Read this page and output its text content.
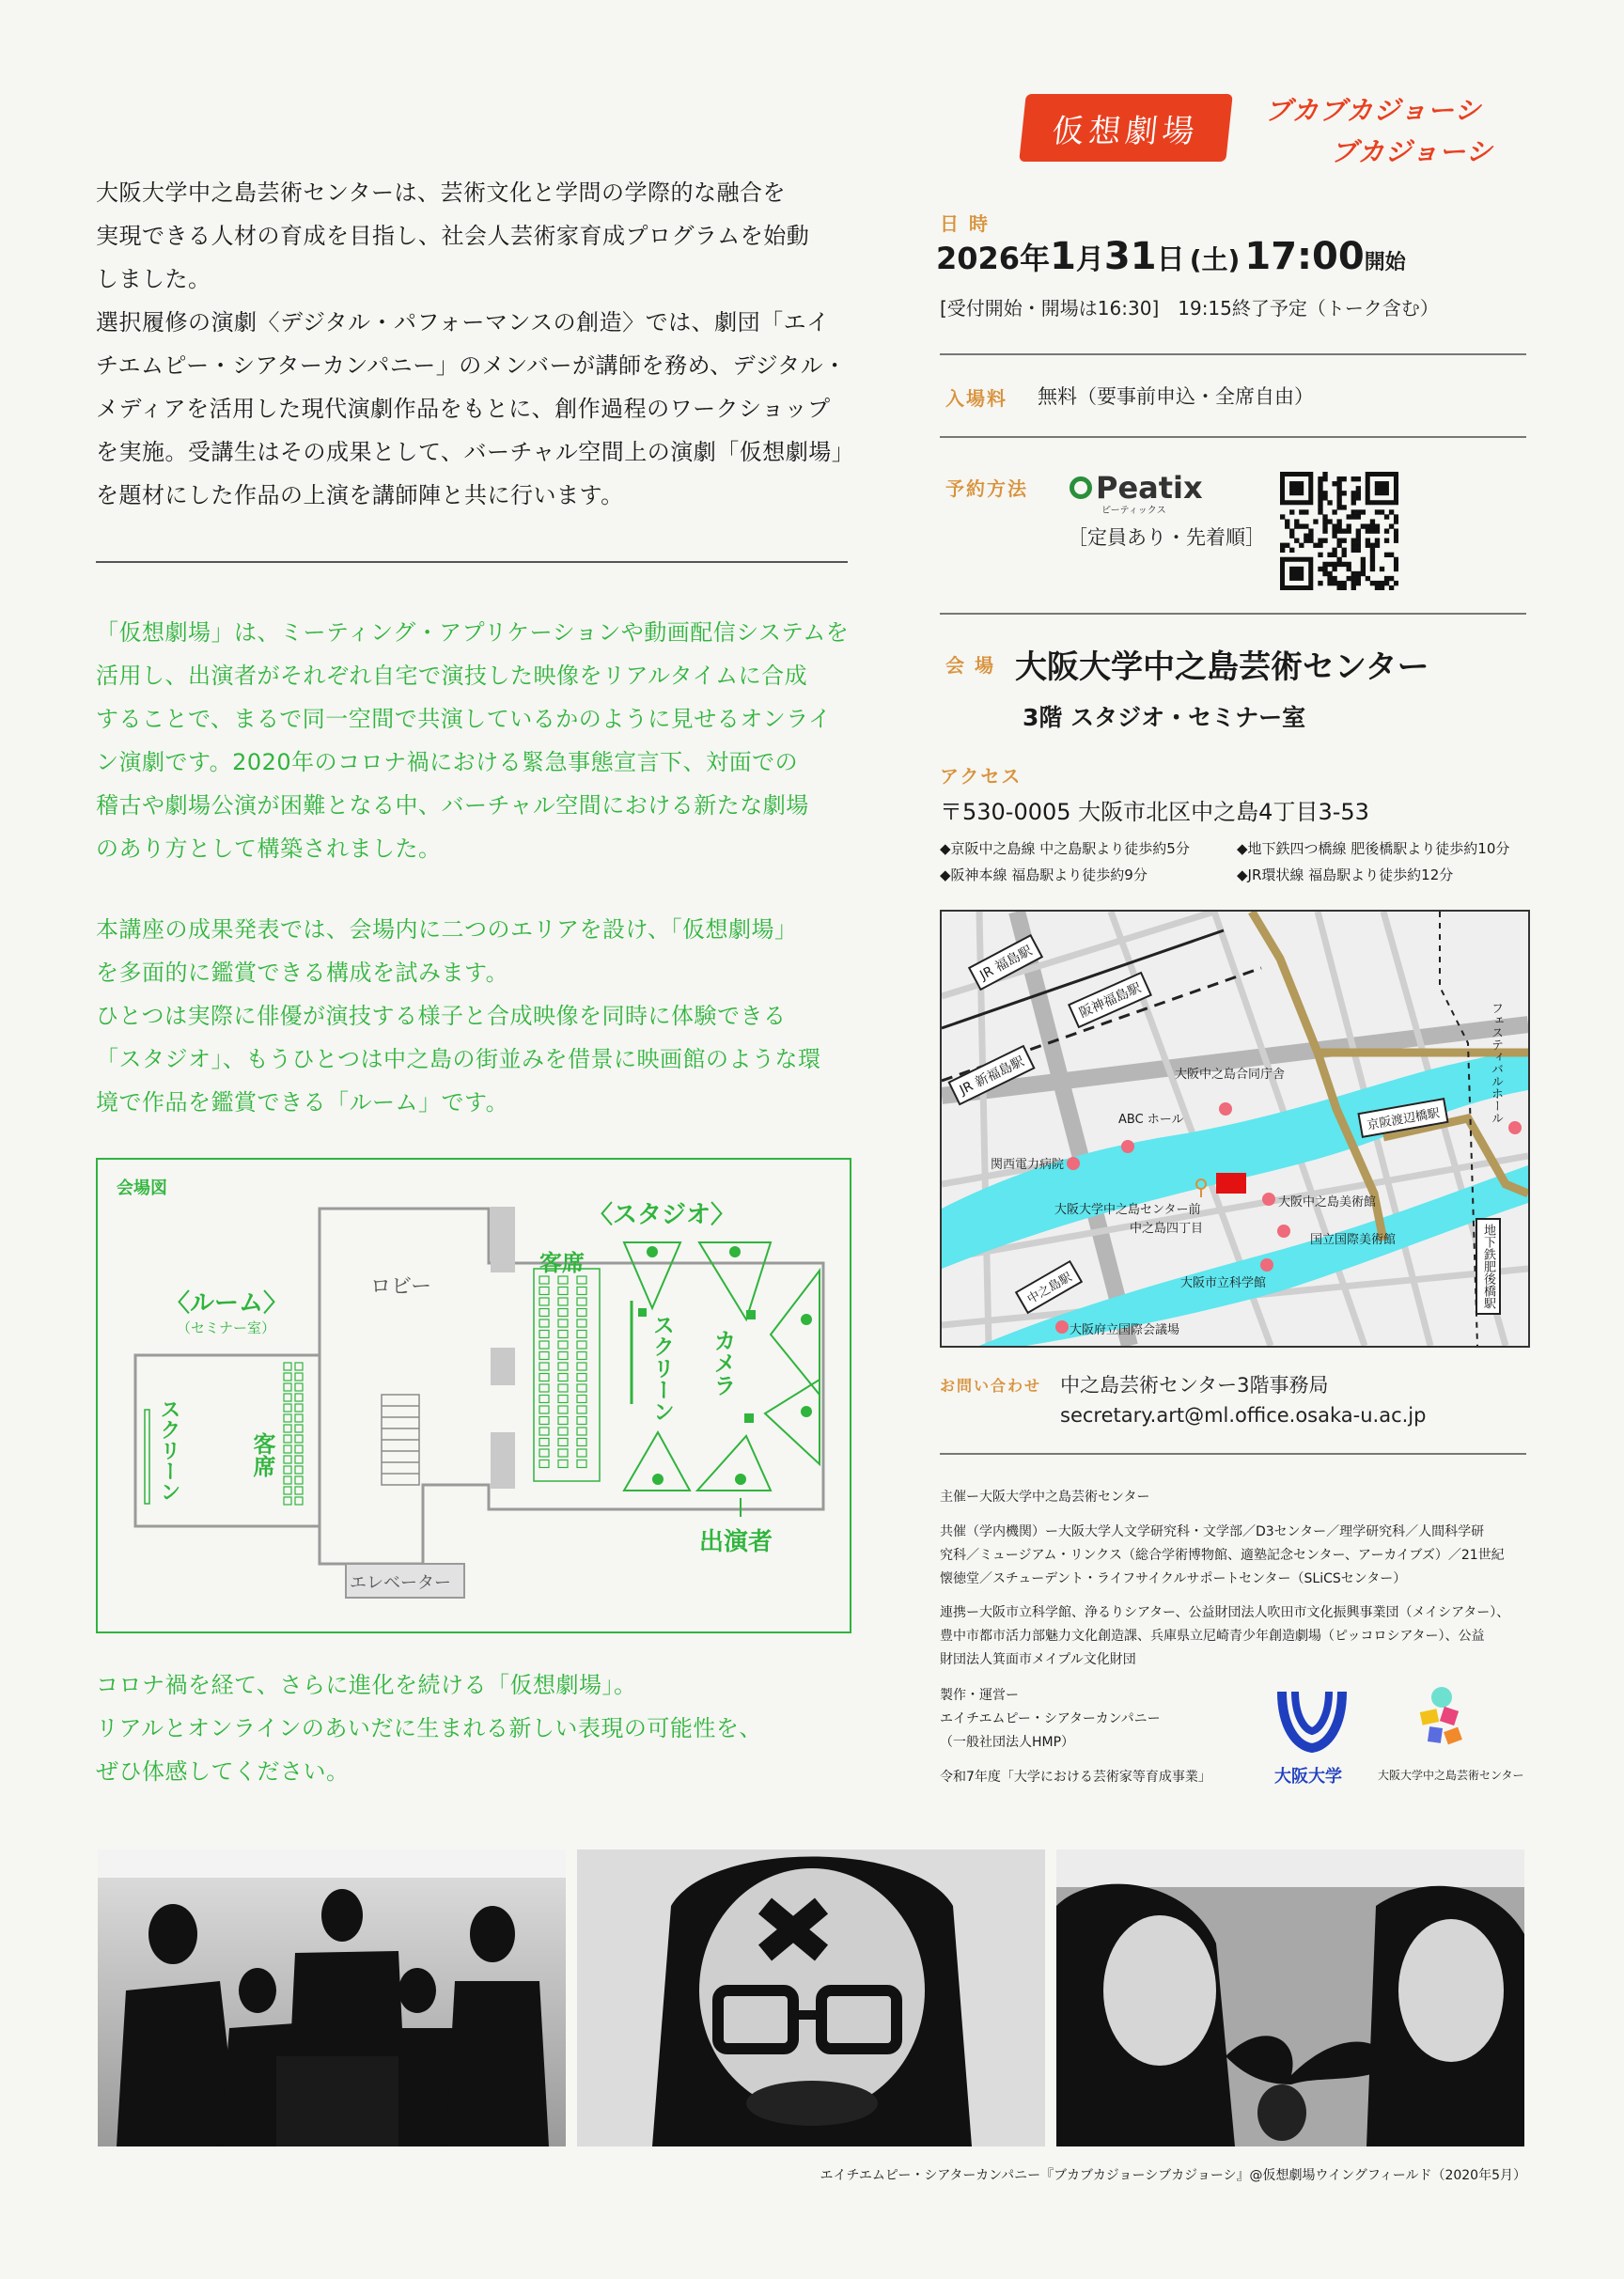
仮想劇場
ブカブカジョーシ
ブカジョーシ
大阪大学中之島芸術センターは、芸術文化と学問の学際的な融合を
実現できる人材の育成を目指し、社会人芸術家育成プログラムを始動
しました。
選択履修の演劇〈デジタル・パフォーマンスの創造〉では、劇団「エイ
チエムピー・シアターカンパニー」のメンバーが講師を務め、デジタル・
メディアを活用した現代演劇作品をもとに、創作過程のワークショップ
を実施。受講生はその成果として、バーチャル空間上の演劇「仮想劇場」
を題材にした作品の上演を講師陣と共に行います。
「仮想劇場」は、ミーティング・アプリケーションや動画配信システムを
活用し、出演者がそれぞれ自宅で演技した映像をリアルタイムに合成
することで、まるで同一空間で共演しているかのように見せるオンライ
ン演劇です。2020年のコロナ禍における緊急事態宣言下、対面での
稽古や劇場公演が困難となる中、バーチャル空間における新たな劇場
のあり方として構築されました。
本講座の成果発表では、会場内に二つのエリアを設け、「仮想劇場」
を多面的に鑑賞できる構成を試みます。
ひとつは実際に俳優が演技する様子と合成映像を同時に体験できる
「スタジオ」、もうひとつは中之島の街並みを借景に映画館のような環
境で作品を鑑賞できる「ルーム」です。
会場図
〈スタジオ〉
〈ルーム〉
（セミナー室）
ロビー
客席
スクリーン カメラ
客席
スクリーン
出演者
エレベーター
コロナ禍を経て、さらに進化を続ける「仮想劇場」。
リアルとオンラインのあいだに生まれる新しい表現の可能性を、
ぜひ体感してください。
日 時
2026年1月31日 (土) 17:00開始
[受付開始・開場は16:30]　19:15終了予定（トーク含む）
入場料 無料（要事前申込・全席自由）
予約方法 Peatix
ピーティックス
［定員あり・先着順］
会 場 大阪大学中之島芸術センター
3階 スタジオ・セミナー室
アクセス
〒530-0005 大阪市北区中之島4丁目3-53
◆京阪中之島線 中之島駅より徒歩約5分	◆地下鉄四つ橋線 肥後橋駅より徒歩約10分
◆阪神本線 福島駅より徒歩約9分	◆JR環状線 福島駅より徒歩約12分
JR 福島駅
阪神福島駅
JR 新福島駅	大阪中之島合同庁舎
ABC ホール
関西電力病院
大阪大学中之島センター前
中之島四丁目
大阪中之島美術館
国立国際美術館
大阪市立科学館
大阪府立国際会議場
中之島駅
京阪渡辺橋駅	フェスティバルホール
地下鉄肥後橋駅
お問い合わせ 中之島芸術センター3階事務局
secretary.art@ml.office.osaka-u.ac.jp
主催ー大阪大学中之島芸術センター
共催（学内機関）ー大阪大学人文学研究科・文学部／D3センター／理学研究科／人間科学研
究科／ミュージアム・リンクス（総合学術博物館、適塾記念センター、アーカイブズ）／21世紀
懐徳堂／スチューデント・ライフサイクルサポートセンター（SLiCSセンター）
連携ー大阪市立科学館、浄るりシアター、公益財団法人吹田市文化振興事業団（メイシアター）、
豊中市都市活力部魅力文化創造課、兵庫県立尼崎青少年創造劇場（ピッコロシアター）、公益
財団法人箕面市メイプル文化財団
製作・運営ー
エイチエムピー・シアターカンパニー
（一般社団法人HMP）
令和7年度「大学における芸術家等育成事業」	大阪大学	大阪大学中之島芸術センター
エイチエムピー・シアターカンパニー『ブカブカジョーシブカジョーシ』@仮想劇場ウイングフィールド（2020年5月）
